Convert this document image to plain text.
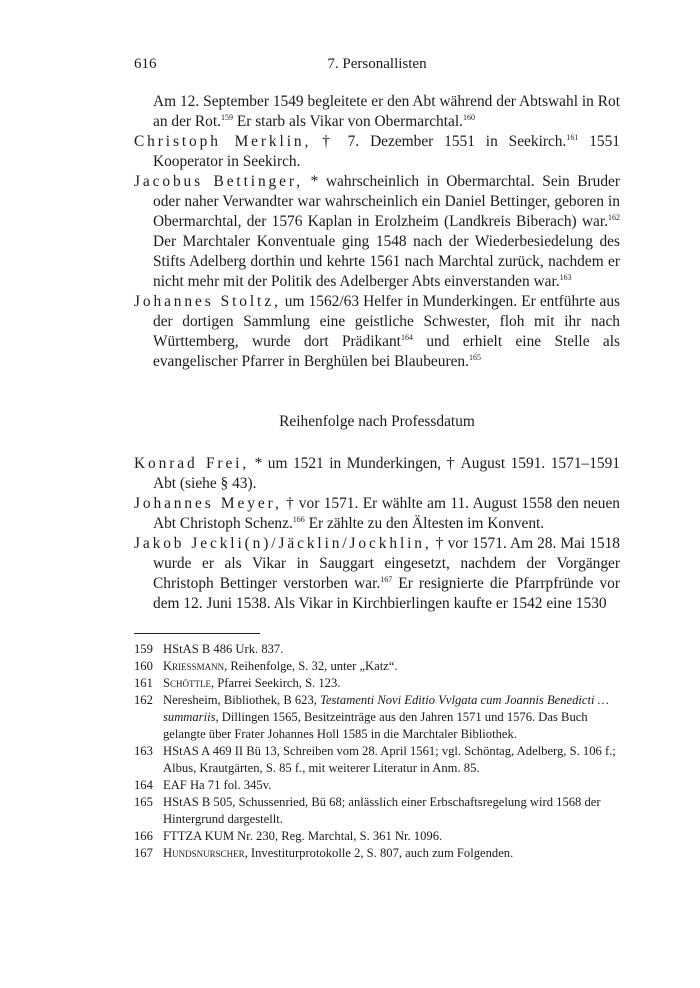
616	7. Personallisten

Am 12. September 1549 begleitete er den Abt während der Abtswahl in Rot an der Rot.$^{159}$ Er starb als Vikar von Obermarchtal.$^{160}$

Christoph Merklin, † 7. Dezember 1551 in Seekirch.$^{161}$ 1551 Kooperator in Seekirch.

Jacobus Bettinger, * wahrscheinlich in Obermarchtal. Sein Bruder oder naher Verwandter war wahrscheinlich ein Daniel Bettinger, geboren in Obermarchtal, der 1576 Kaplan in Erolzheim (Landkreis Biberach) war.$^{162}$ Der Marchtaler Konventuale ging 1548 nach der Wiederbesiedelung des Stifts Adelberg dorthin und kehrte 1561 nach Marchtal zurück, nachdem er nicht mehr mit der Politik des Adelberger Abts einverstanden war.$^{163}$

Johannes Stoltz, um 1562/63 Helfer in Munderkingen. Er entführte aus der dortigen Sammlung eine geistliche Schwester, floh mit ihr nach Württemberg, wurde dort Prädikant$^{164}$ und erhielt eine Stelle als evangelischer Pfarrer in Berghülen bei Blaubeuren.$^{165}$

Reihenfolge nach Professdatum

Konrad Frei, * um 1521 in Munderkingen, † August 1591. 1571–1591 Abt (siehe § 43).

Johannes Meyer, † vor 1571. Er wählte am 11. August 1558 den neuen Abt Christoph Schenz.$^{166}$ Er zählte zu den Ältesten im Konvent.

Jakob Jeckli(n)/Jäcklin/Jockhlin, † vor 1571. Am 28. Mai 1518 wurde er als Vikar in Sauggart eingesetzt, nachdem der Vorgänger Christoph Bettinger verstorben war.$^{167}$ Er resignierte die Pfarrpfründe vor dem 12. Juni 1538. Als Vikar in Kirchbierlingen kaufte er 1542 eine 1530

159 HStAS B 486 Urk. 837.

160 Kriessmann, Reihenfolge, S. 32, unter „Katz“.

161 Schöttle, Pfarrei Seekirch, S. 123.

162 Neresheim, Bibliothek, B 623, Testamenti Novi Editio Vvlgata cum Joannis Benedicti … summariis, Dillingen 1565, Besitzeinträge aus den Jahren 1571 und 1576. Das Buch gelangte über Frater Johannes Holl 1585 in die Marchtaler Bibliothek.

163 HStAS A 469 II Bü 13, Schreiben vom 28. April 1561; vgl. Schöntag, Adelberg, S. 106 f.; Albus, Krautgärten, S. 85 f., mit weiterer Literatur in Anm. 85.

164 EAF Ha 71 fol. 345v.

165 HStAS B 505, Schussenried, Bü 68; anlässlich einer Erbschaftsregelung wird 1568 der Hintergrund dargestellt.

166 FTTZA KUM Nr. 230, Reg. Marchtal, S. 361 Nr. 1096.

167 Hundsnurscher, Investiturprotokolle 2, S. 807, auch zum Folgenden.
